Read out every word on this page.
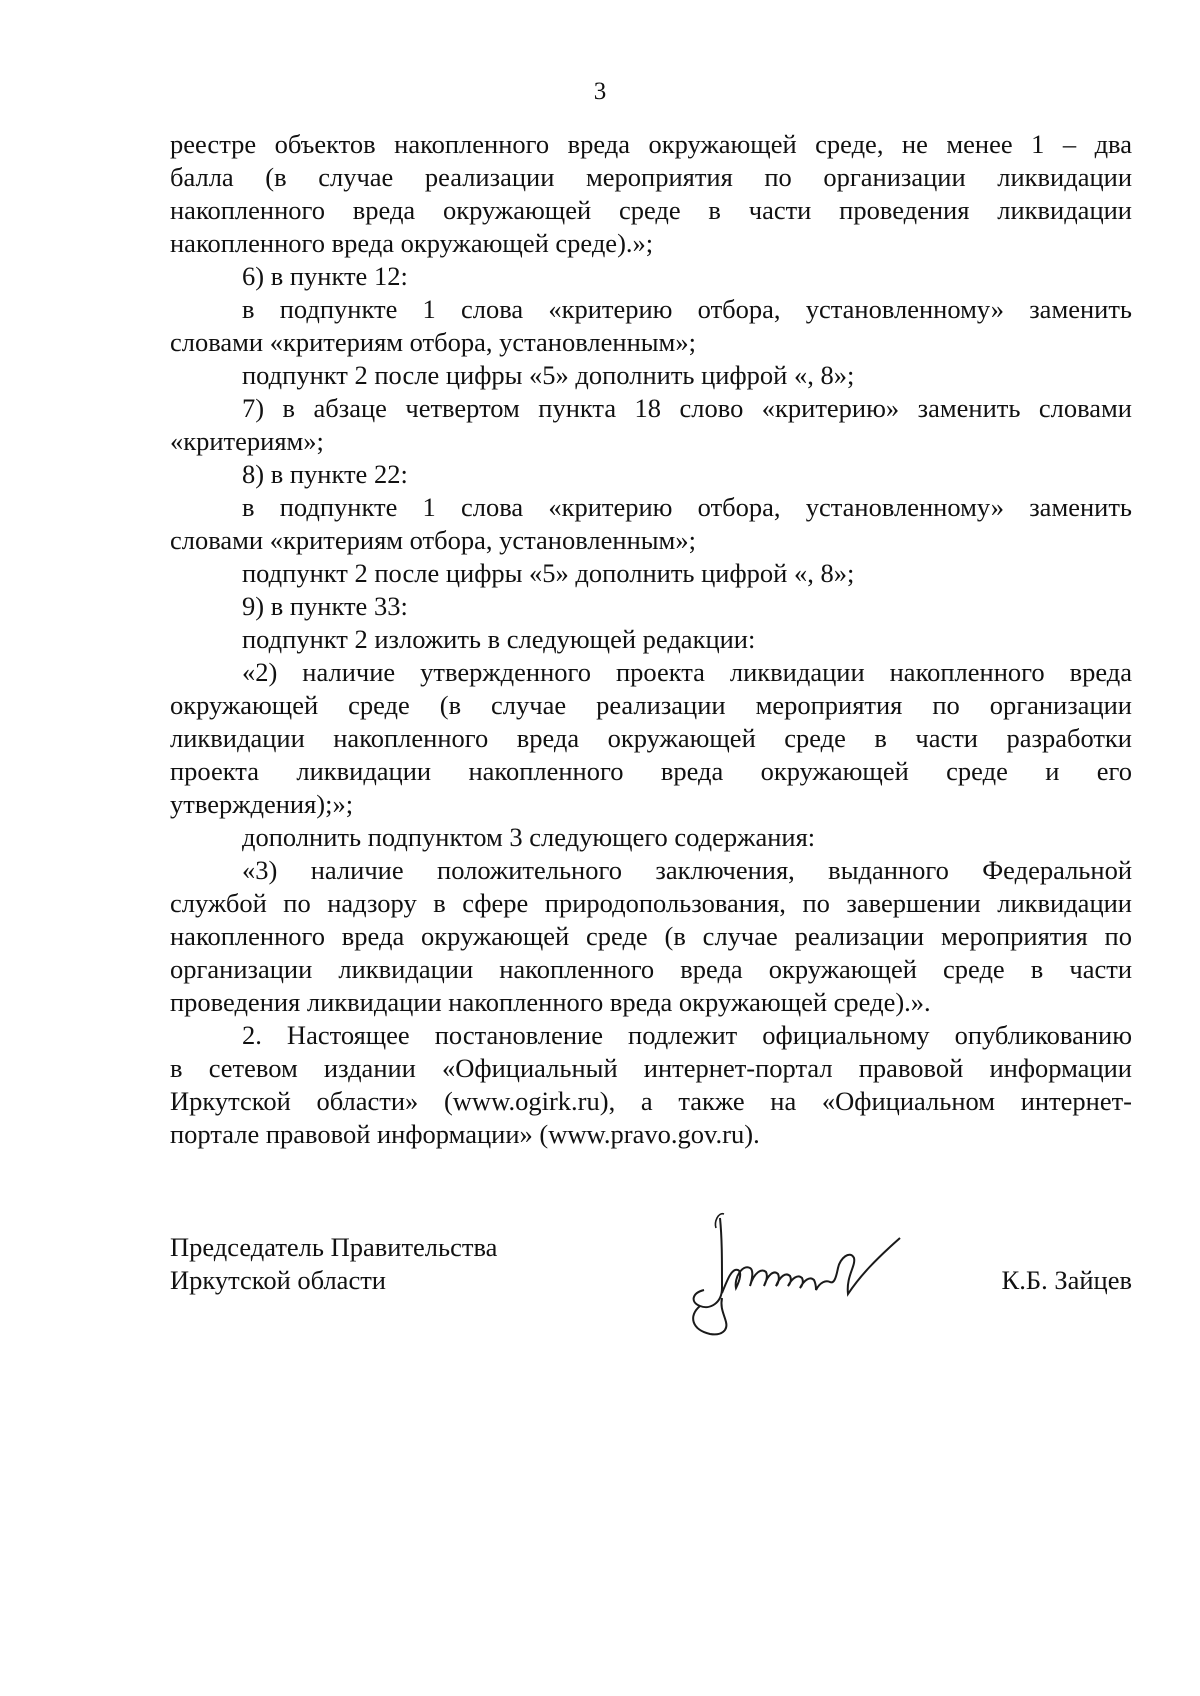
3
реестре объектов накопленного вреда окружающей среде, не менее 1 – два
балла (в случае реализации мероприятия по организации ликвидации
накопленного вреда окружающей среде в части проведения ликвидации
накопленного вреда окружающей среде).»;
6) в пункте 12:
в подпункте 1 слова «критерию отбора, установленному» заменить
словами «критериям отбора, установленным»;
подпункт 2 после цифры «5» дополнить цифрой «, 8»;
7) в абзаце четвертом пункта 18 слово «критерию» заменить словами
«критериям»;
8) в пункте 22:
в подпункте 1 слова «критерию отбора, установленному» заменить
словами «критериям отбора, установленным»;
подпункт 2 после цифры «5» дополнить цифрой «, 8»;
9) в пункте 33:
подпункт 2 изложить в следующей редакции:
«2) наличие утвержденного проекта ликвидации накопленного вреда
окружающей среде (в случае реализации мероприятия по организации
ликвидации накопленного вреда окружающей среде в части разработки
проекта ликвидации накопленного вреда окружающей среде и его
утверждения);»;
дополнить подпунктом 3 следующего содержания:
«3) наличие положительного заключения, выданного Федеральной
службой по надзору в сфере природопользования, по завершении ликвидации
накопленного вреда окружающей среде (в случае реализации мероприятия по
организации ликвидации накопленного вреда окружающей среде в части
проведения ликвидации накопленного вреда окружающей среде).».
2. Настоящее постановление подлежит официальному опубликованию
в сетевом издании «Официальный интернет-портал правовой информации
Иркутской области» (www.ogirk.ru), а также на «Официальном интернет-
портале правовой информации» (www.pravo.gov.ru).
Председатель Правительства
Иркутской области	К.Б. Зайцев
